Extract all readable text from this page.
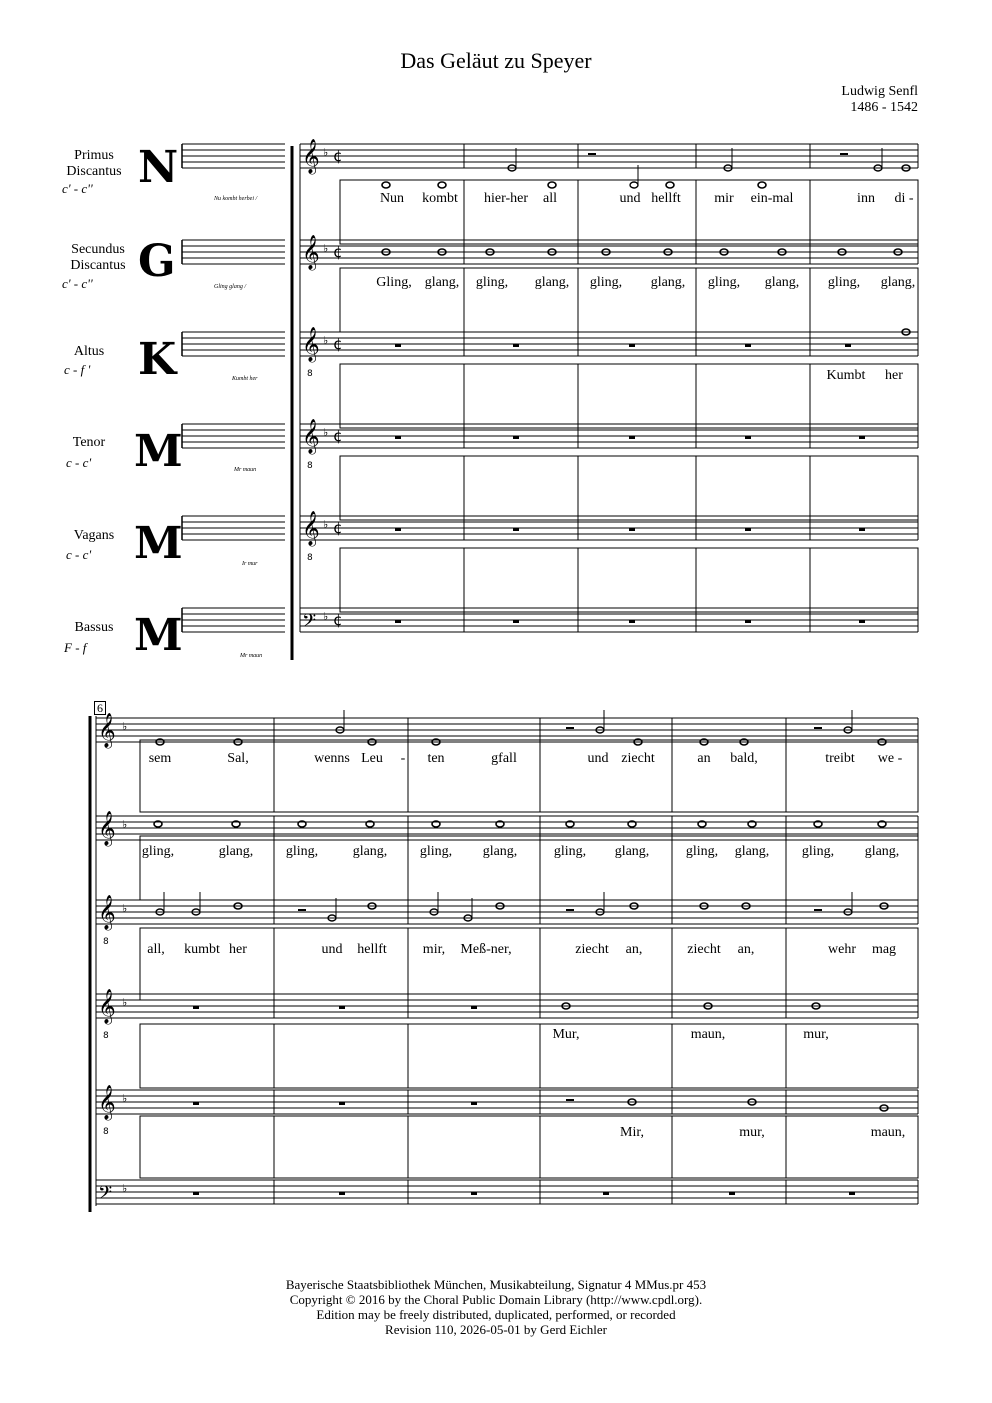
Das Geläut zu Speyer
Ludwig Senfl
1486 - 1542
Primus Discantus
c' - c'' N
Nu kombt herbei /
Secundus Discantus
c' - c'' G	Gling glang /
Altus
c - f ' K	Kumbt her
Tenor
c - c' M	Mr maun
Vagans
c - c' M	Ir mur
Bassus
F - f M	Mr maun
6
𝄞 ♭ ¢
𝄞 ♭ ¢
𝄞
8
♭ ¢
𝄞
8
♭ ¢
𝄞
8
♭ ¢
𝄢 ♭ ¢
𝄞 ♭
𝄞 ♭
𝄞
8
♭
𝄞
8
♭
𝄞
8
♭
𝄢 ♭
Nun kombt hier-her all	und hellft mir ein-mal	inn di -
Gling, glang, gling, glang, gling, glang, gling, glang, gling, glang,
Kumbt her
sem	Sal,	wenns Leu - ten	gfall	und ziecht	an bald,	treibt we -
gling,	glang, gling, glang, gling, glang,	gling, glang,	gling, glang, gling, glang,
all, kumbt her	und hellft	mir, Meß-ner,	ziecht an,	ziecht an,	wehr mag
Mur,	maun,	mur,
Mir,	mur,	maun,
Bayerische Staatsbibliothek München, Musikabteilung, Signatur 4 MMus.pr 453
Copyright © 2016 by the Choral Public Domain Library (http://www.cpdl.org).
Edition may be freely distributed, duplicated, performed, or recorded
Revision 110, 2026-05-01 by Gerd Eichler
